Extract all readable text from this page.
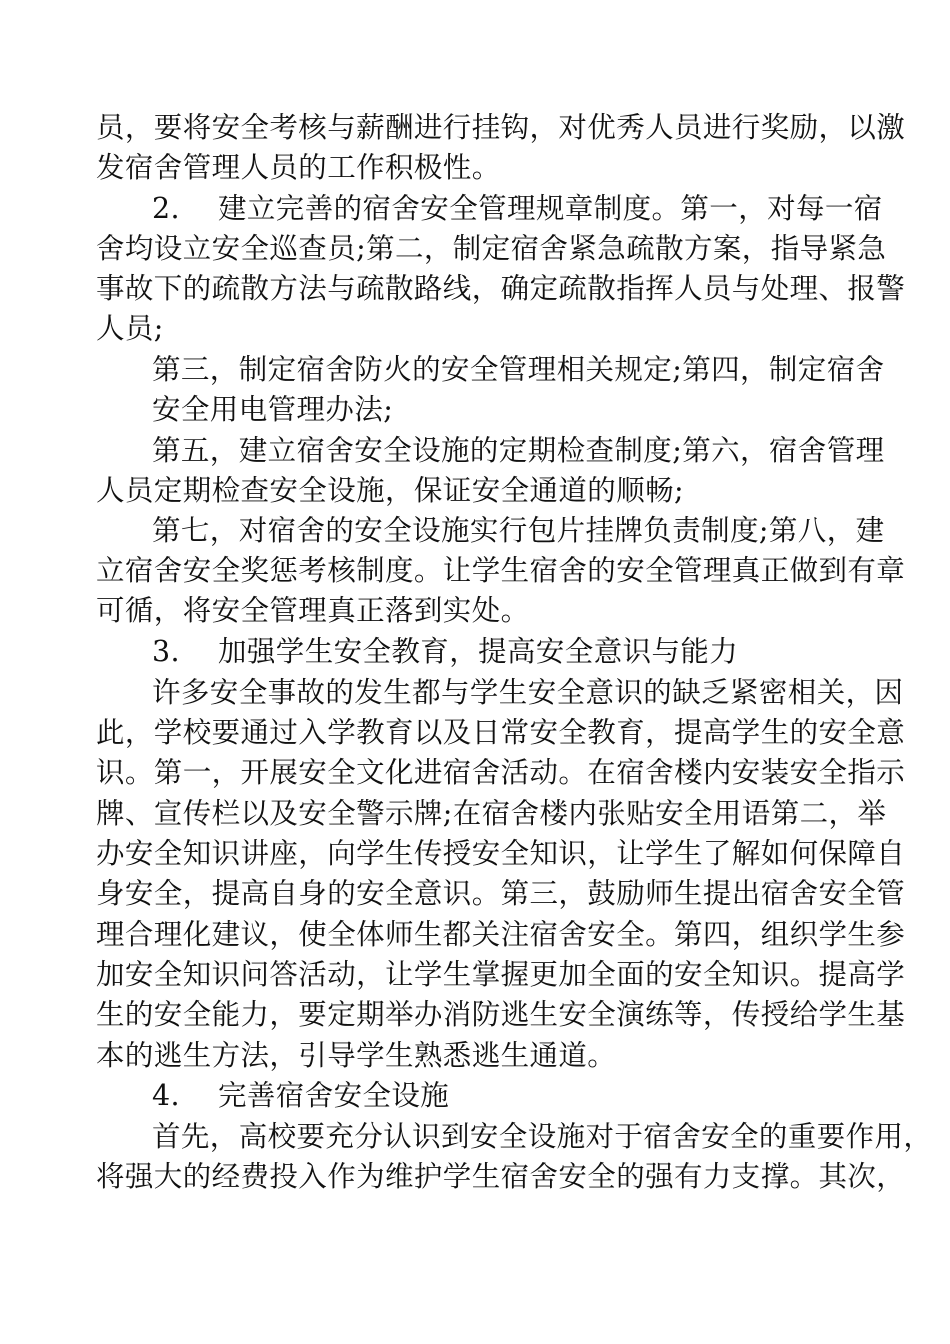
员，要将安全考核与薪酬进行挂钩，对优秀人员进行奖励，以激
发宿舍管理人员的工作积极性。
2. 建立完善的宿舍安全管理规章制度。第一，对每一宿
舍均设立安全巡查员;第二，制定宿舍紧急疏散方案，指导紧急
事故下的疏散方法与疏散路线，确定疏散指挥人员与处理、报警
人员;
第三，制定宿舍防火的安全管理相关规定;第四，制定宿舍
安全用电管理办法;
第五，建立宿舍安全设施的定期检查制度;第六，宿舍管理
人员定期检查安全设施，保证安全通道的顺畅;
第七，对宿舍的安全设施实行包片挂牌负责制度;第八，建
立宿舍安全奖惩考核制度。让学生宿舍的安全管理真正做到有章
可循，将安全管理真正落到实处。
3. 加强学生安全教育，提高安全意识与能力
许多安全事故的发生都与学生安全意识的缺乏紧密相关，因
此，学校要通过入学教育以及日常安全教育，提高学生的安全意
识。第一，开展安全文化进宿舍活动。在宿舍楼内安装安全指示
牌、宣传栏以及安全警示牌;在宿舍楼内张贴安全用语第二，举
办安全知识讲座，向学生传授安全知识，让学生了解如何保障自
身安全，提高自身的安全意识。第三，鼓励师生提出宿舍安全管
理合理化建议，使全体师生都关注宿舍安全。第四，组织学生参
加安全知识问答活动，让学生掌握更加全面的安全知识。提高学
生的安全能力，要定期举办消防逃生安全演练等，传授给学生基
本的逃生方法，引导学生熟悉逃生通道。
4. 完善宿舍安全设施
首先，高校要充分认识到安全设施对于宿舍安全的重要作用，
将强大的经费投入作为维护学生宿舍安全的强有力支撑。其次，
